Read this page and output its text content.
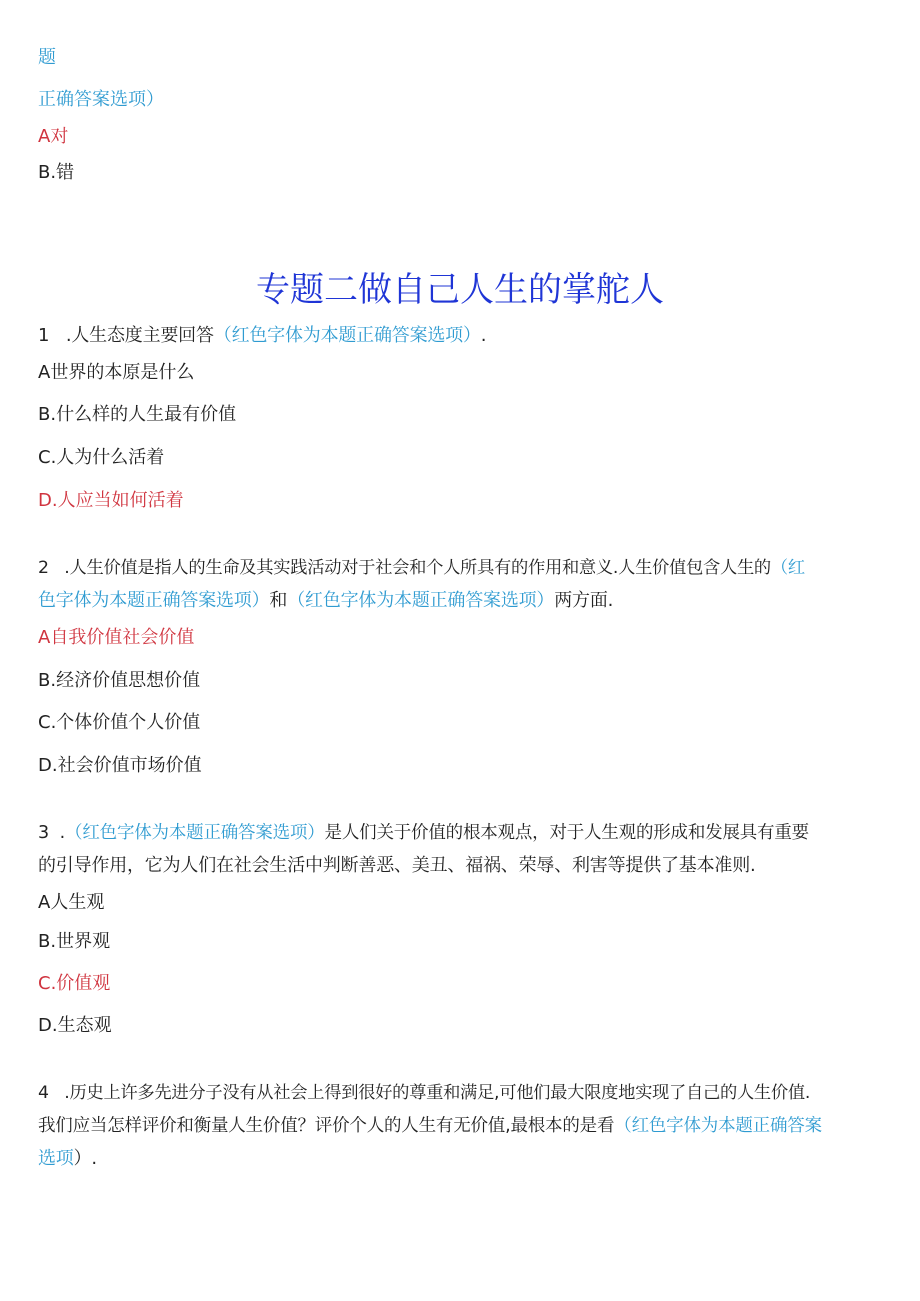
题
正确答案选项）
A对
B.错
专题二做自己人生的掌舵人
1 .人生态度主要回答（红色字体为本题正确答案选项）.
A世界的本原是什么
B.什么样的人生最有价值
C.人为什么活着
D.人应当如何活着
2 .人生价值是指人的生命及其实践活动对于社会和个人所具有的作用和意义.人生价值包含人生的（红
色字体为本题正确答案选项）和（红色字体为本题正确答案选项）两方面.
A自我价值社会价值
B.经济价值思想价值
C.个体价值个人价值
D.社会价值市场价值
3 .（红色字体为本题正确答案选项）是人们关于价值的根本观点，对于人生观的形成和发展具有重要
的引导作用，它为人们在社会生活中判断善恶、美丑、福祸、荣辱、利害等提供了基本准则.
A人生观
B.世界观
C.价值观
D.生态观
4 .历史上许多先进分子没有从社会上得到很好的尊重和满足,可他们最大限度地实现了自己的人生价值.
我们应当怎样评价和衡量人生价值？评价个人的人生有无价值,最根本的是看（红色字体为本题正确答案
选项）.
